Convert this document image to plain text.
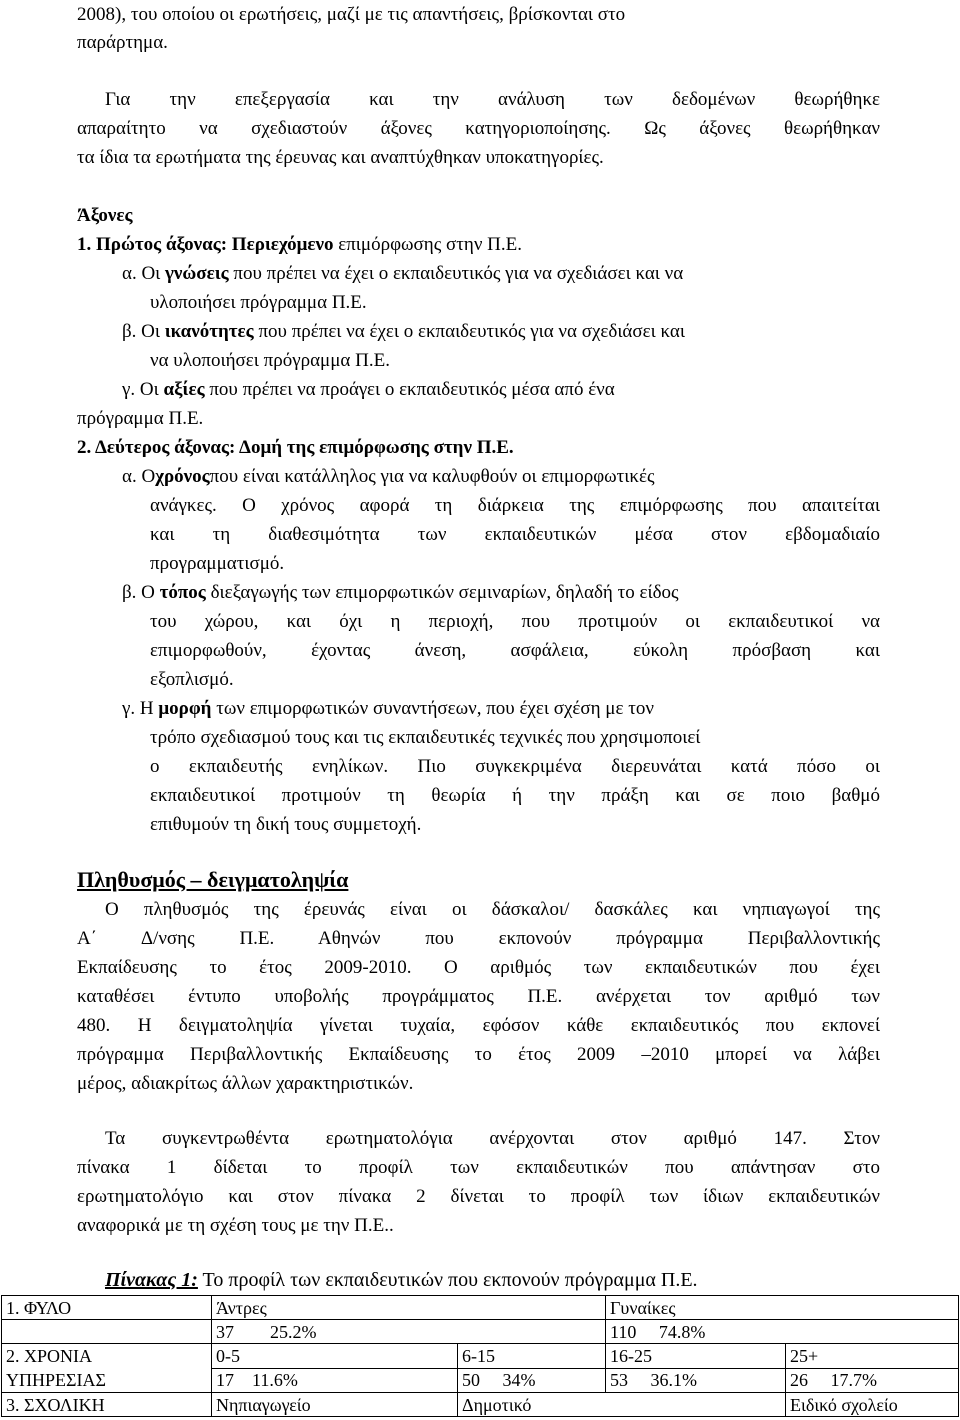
2008), του οποίου οι ερωτήσεις, μαζί με τις απαντήσεις, βρίσκονται στο
παράρτημα.
Για την επεξεργασία και την ανάλυση των δεδομένων θεωρήθηκε
απαραίτητο να σχεδιαστούν άξονες κατηγοριοποίησης. Ως άξονες θεωρήθηκαν
τα ίδια τα ερωτήματα της έρευνας και αναπτύχθηκαν υποκατηγορίες.
Άξονες
1. Πρώτος άξονας: Περιεχόμενο επιμόρφωσης στην Π.Ε.
α. Οι γνώσεις που πρέπει να έχει ο εκπαιδευτικός για να σχεδιάσει και να
υλοποιήσει πρόγραμμα Π.Ε.
β. Οι ικανότητες που πρέπει να έχει ο εκπαιδευτικός για να σχεδιάσει και
να υλοποιήσει πρόγραμμα Π.Ε.
γ. Οι αξίες που πρέπει να προάγει ο εκπαιδευτικός μέσα από ένα
πρόγραμμα Π.Ε.
2. Δεύτερος άξονας: Δομή της επιμόρφωσης στην Π.Ε.
α. Οχρόνοςπου είναι κατάλληλος για να καλυφθούν οι επιμορφωτικές
ανάγκες. Ο χρόνος αφορά τη διάρκεια της επιμόρφωσης που απαιτείται
και τη διαθεσιμότητα των εκπαιδευτικών μέσα στον εβδομαδιαίο
προγραμματισμό.
β. Ο τόπος διεξαγωγής των επιμορφωτικών σεμιναρίων, δηλαδή το είδος
του χώρου, και όχι η περιοχή, που προτιμούν οι εκπαιδευτικοί να
επιμορφωθούν, έχοντας άνεση, ασφάλεια, εύκολη πρόσβαση και
εξοπλισμό.
γ. Η μορφή των επιμορφωτικών συναντήσεων, που έχει σχέση με τον
τρόπο σχεδιασμού τους και τις εκπαιδευτικές τεχνικές που χρησιμοποιεί
ο εκπαιδευτής ενηλίκων. Πιο συγκεκριμένα διερευνάται κατά πόσο οι
εκπαιδευτικοί προτιμούν τη θεωρία ή την πράξη και σε ποιο βαθμό
επιθυμούν τη δική τους συμμετοχή.
Πληθυσμός – δειγματοληψία
Ο πληθυσμός της έρευνάς είναι οι δάσκαλοι/ δασκάλες και νηπιαγωγοί της
Α΄ Δ/νσης Π.Ε. Αθηνών που εκπονούν πρόγραμμα Περιβαλλοντικής
Εκπαίδευσης το έτος 2009-2010. Ο αριθμός των εκπαιδευτικών που έχει
καταθέσει έντυπο υποβολής προγράμματος Π.Ε. ανέρχεται τον αριθμό των
480. Η δειγματοληψία γίνεται τυχαία, εφόσον κάθε εκπαιδευτικός που εκπονεί
πρόγραμμα Περιβαλλοντικής Εκπαίδευσης το έτος 2009 –2010 μπορεί να λάβει
μέρος, αδιακρίτως άλλων χαρακτηριστικών.
Τα συγκεντρωθέντα ερωτηματολόγια ανέρχονται στον αριθμό 147. Στον
πίνακα 1 δίδεται το προφίλ των εκπαιδευτικών που απάντησαν στο
ερωτηματολόγιο και στον πίνακα 2 δίνεται το προφίλ των ίδιων εκπαιδευτικών
αναφορικά με τη σχέση τους με την Π.Ε..
Πίνακας 1: Το προφίλ των εκπαιδευτικών που εκπονούν πρόγραμμα Π.Ε.
1. ΦΥΛΟ	Άντρες		Γυναίκες	
	37        25.2%		110     74.8%	
2. ΧΡΟΝΙΑ
ΥΠΗΡΕΣΙΑΣ	0-5	6-15	16-25	25+
	17    11.6%	50     34%	53     36.1%	26     17.7%
3. ΣΧΟΛΙΚΗ	Νηπιαγωγείο	Δημοτικό		Ειδικό σχολείο
